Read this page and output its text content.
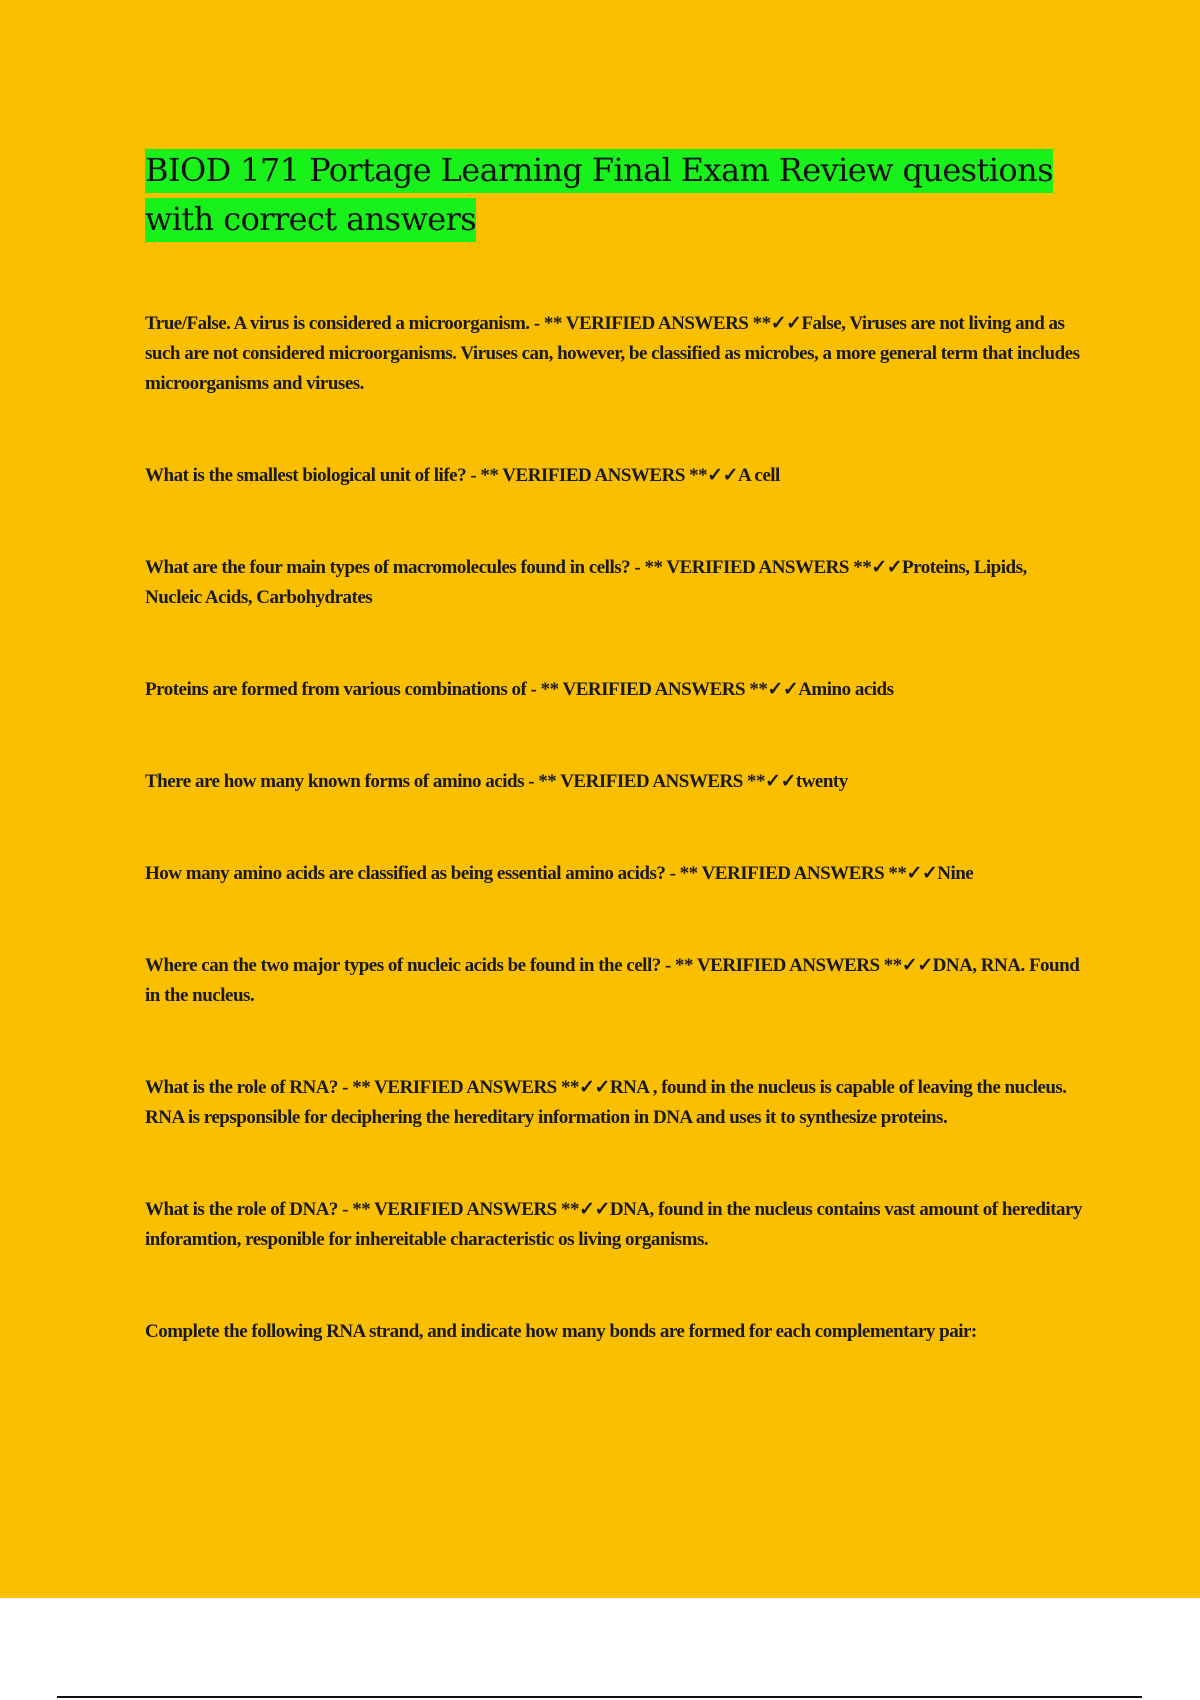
BIOD 171 Portage Learning Final Exam Review questions with correct answers
True/False. A virus is considered a microorganism. - ** VERIFIED ANSWERS **✓✓False, Viruses are not living and as such are not considered microorganisms. Viruses can, however, be classified as microbes, a more general term that includes microorganisms and viruses.
What is the smallest biological unit of life? - ** VERIFIED ANSWERS **✓✓A cell
What are the four main types of macromolecules found in cells? - ** VERIFIED ANSWERS **✓✓Proteins, Lipids, Nucleic Acids, Carbohydrates
Proteins are formed from various combinations of - ** VERIFIED ANSWERS **✓✓Amino acids
There are how many known forms of amino acids - ** VERIFIED ANSWERS **✓✓twenty
How many amino acids are classified as being essential amino acids? - ** VERIFIED ANSWERS **✓✓Nine
Where can the two major types of nucleic acids be found in the cell? - ** VERIFIED ANSWERS **✓✓DNA, RNA. Found in the nucleus.
What is the role of RNA? - ** VERIFIED ANSWERS **✓✓RNA , found in the nucleus is capable of leaving the nucleus. RNA is repsponsible for deciphering the hereditary information in DNA and uses it to synthesize proteins.
What is the role of DNA? - ** VERIFIED ANSWERS **✓✓DNA, found in the nucleus contains vast amount of hereditary inforamtion, responible for inhereitable characteristic os living organisms.
Complete the following RNA strand, and indicate how many bonds are formed for each complementary pair:
